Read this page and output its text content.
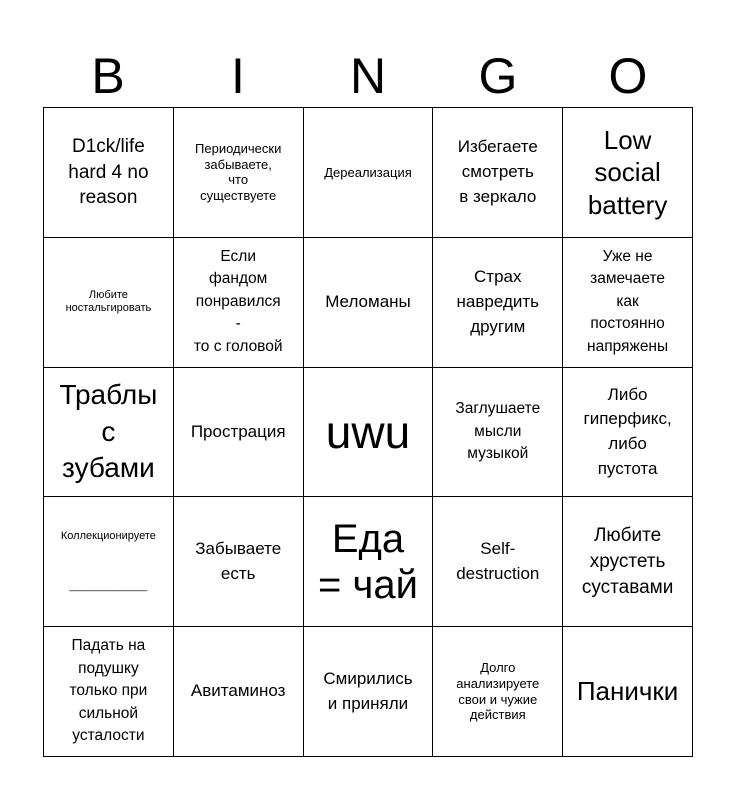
B	I	N	G	O
D1ck/life
hard 4 no
reason
Периодически
забываете,
что
существуете
Дереализация
Избегаете
смотреть
в зеркало
Low
social
battery
Любите
ностальгировать
Если
фандом
понравился
-
то с головой
Меломаны
Страх
навредить
другим
Уже не
замечаете
как
постоянно
напряжены
Траблы
с
зубами
Прострация uwu	Заглушаете
мысли
музыкой
Либо
гиперфикс,
либо
пустота
Коллекционируете
______________
Забываете
есть
Еда
= чай
Self-
destruction
Любите
хрустеть
суставами
Падать на
подушку
только при
сильной
усталости
Авитаминоз
Смирились
и приняли
Долго
анализируете
свои и чужие
действия
Панички
